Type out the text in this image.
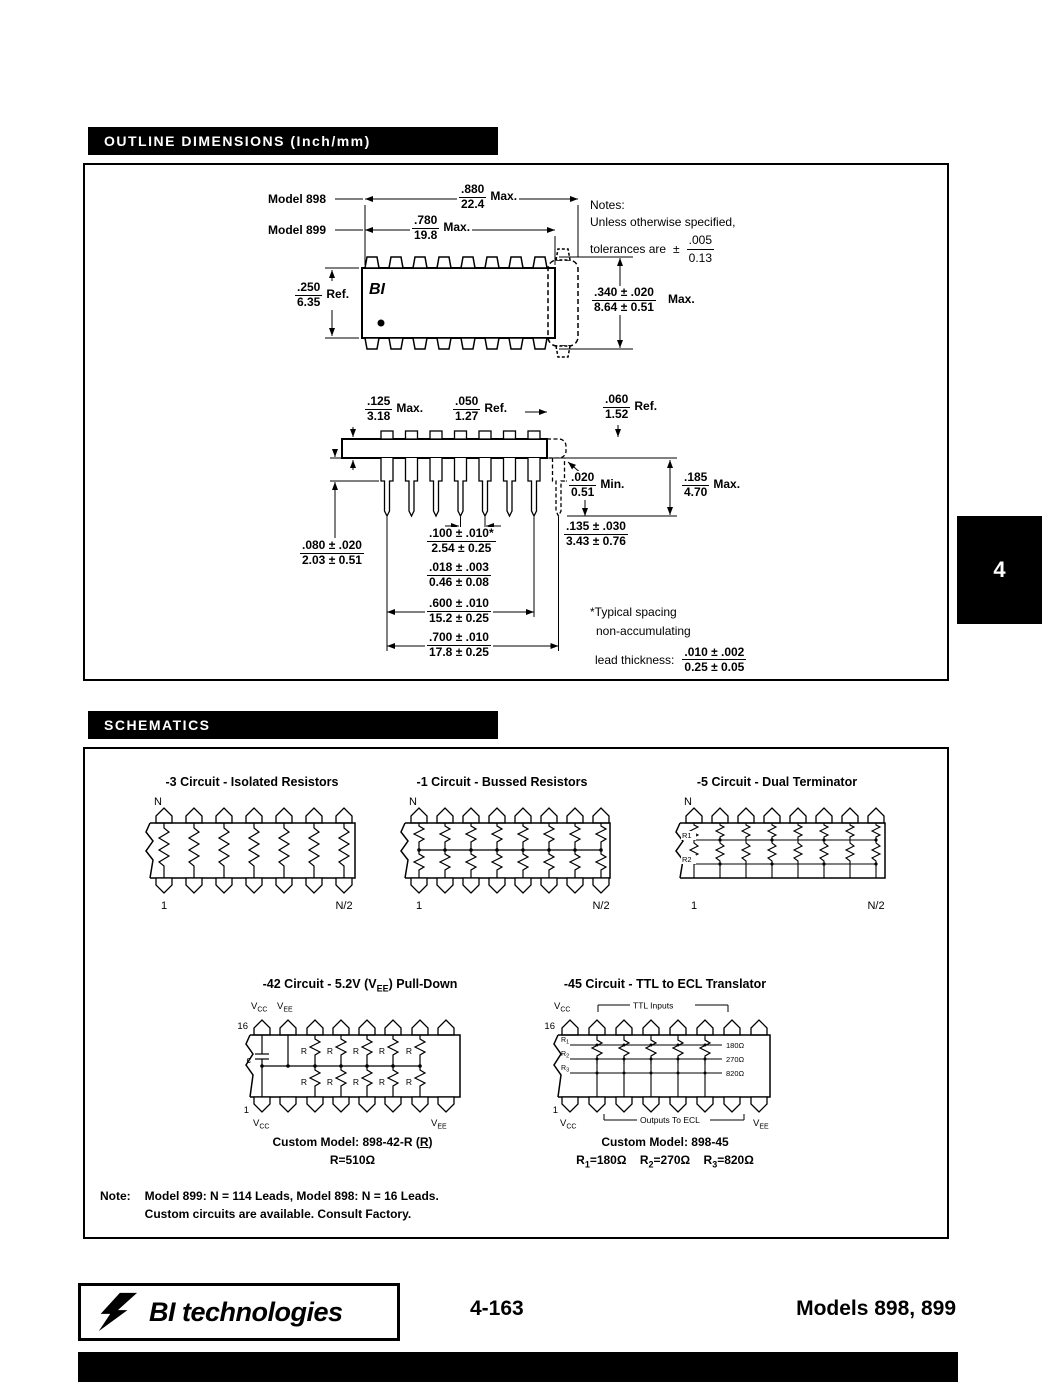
OUTLINE DIMENSIONS (Inch/mm)
BI
Model 898
Model 899
$\frac{.880}{22.4}$ Max.
$\frac{.780}{19.8}$ Max.
$\frac{.250}{6.35}$ Ref.	$\frac{.340 \pm .020}{8.64 \pm 0.51}$ Max.
Notes:
Unless otherwise specified,
tolerances are ± $\frac{.005}{0.13}$
$\frac{.125}{3.18}$ Max. $\frac{.050}{1.27}$ Ref.	$\frac{.060}{1.52}$ Ref.
$\frac{.020}{0.51}$ Min.	$\frac{.185}{4.70}$ Max.
$\frac{.080 \pm .020}{2.03 \pm 0.51}$	$\frac{.100 \pm .010*}{2.54 \pm 0.25}$
$\frac{.018 \pm .003}{0.46 \pm 0.08}$
$\frac{.600 \pm .010}{15.2 \pm 0.25}$
$\frac{.700 \pm .010}{17.8 \pm 0.25}$
$\frac{.135 \pm .030}{3.43 \pm 0.76}$
*Typical spacing
non-accumulating
lead thickness: $\frac{.010 \pm .002}{0.25 \pm 0.05}$
4
SCHEMATICS
-3 Circuit - Isolated Resistors	-1 Circuit - Bussed Resistors	-5 Circuit - Dual Terminator
N
1	N/2
N
1	N/2
N
R1
R2
1	N/2
-42 Circuit - 5.2V $(V_{EE})$ Pull-Down
$V_{CC}$ $V_{EE}$
16
c
R R R R R
R R R R R
1
$V_{CC}$	$V_{EE}$
Custom Model: 898-42-R (R)
R=510Ω
-45 Circuit - TTL to ECL Translator
$V_{CC}$	TTL Inputs
16
$R_1$
$R_2$
$R_3$
180Ω
270Ω
820Ω
1
$V_{CC}$
Outputs To ECL	$V_{EE}$
Custom Model: 898-45
$R_1=180\Omega$ $R_2=270\Omega$ $R_3=820\Omega$
Note: Model 899: N = 114 Leads, Model 898: N = 16 Leads.
Custom circuits are available. Consult Factory.
BI technologies	4-163	Models 898, 899
